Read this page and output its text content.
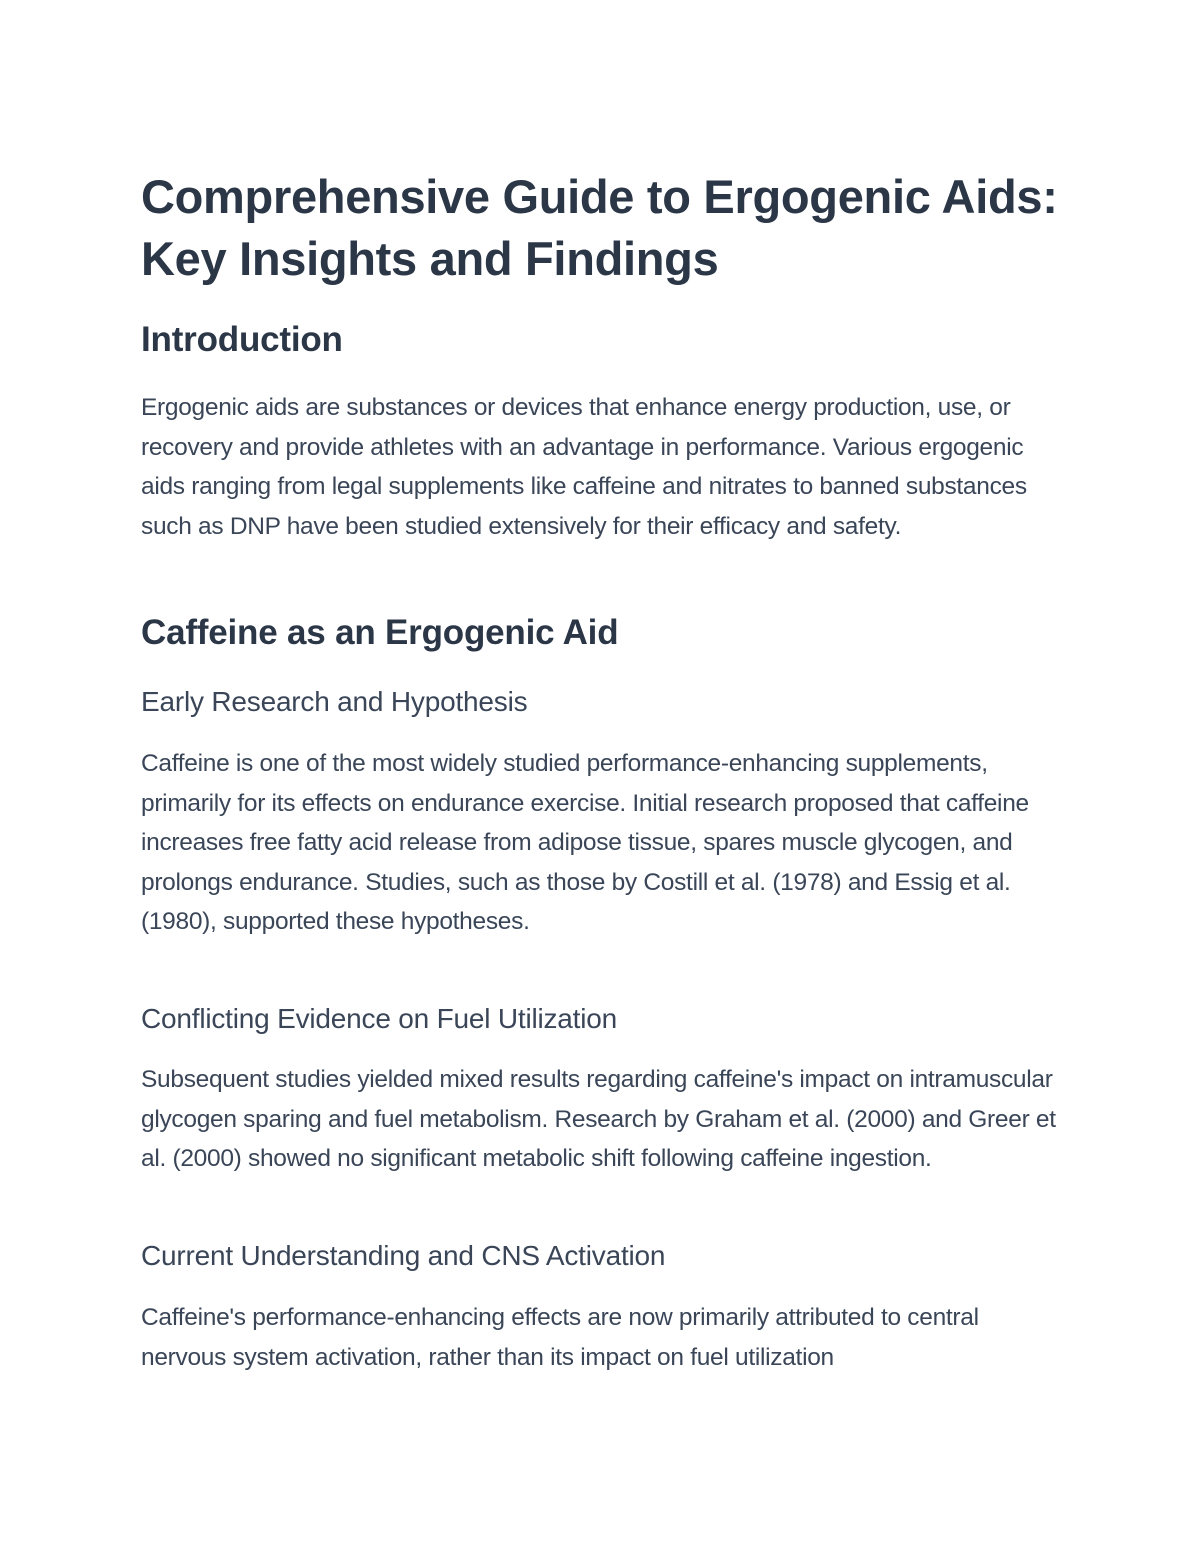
Comprehensive Guide to Ergogenic Aids: Key Insights and Findings
Introduction

Ergogenic aids are substances or devices that enhance energy production, use, or recovery and provide athletes with an advantage in performance. Various ergogenic aids ranging from legal supplements like caffeine and nitrates to banned substances such as DNP have been studied extensively for their efficacy and safety.

Caffeine as an Ergogenic Aid
Early Research and Hypothesis

Caffeine is one of the most widely studied performance-enhancing supplements, primarily for its effects on endurance exercise. Initial research proposed that caffeine increases free fatty acid release from adipose tissue, spares muscle glycogen, and prolongs endurance. Studies, such as those by Costill et al. (1978) and Essig et al. (1980), supported these hypotheses.

Conflicting Evidence on Fuel Utilization

Subsequent studies yielded mixed results regarding caffeine's impact on intramuscular glycogen sparing and fuel metabolism. Research by Graham et al. (2000) and Greer et al. (2000) showed no significant metabolic shift following caffeine ingestion.

Current Understanding and CNS Activation

Caffeine's performance-enhancing effects are now primarily attributed to central nervous system activation, rather than its impact on fuel utilization
